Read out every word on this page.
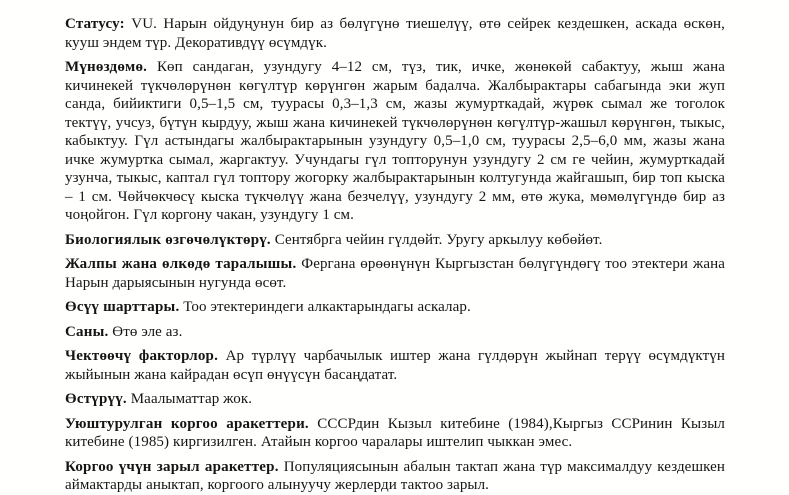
Статусу: VU. Нарын ойдуңунун бир аз бөлүгүнө тиешелүү, өтө сейрек кездешкен, аскада өскөн, кууш эндем түр. Декоративдүү өсүмдүк.

Мүнөздөмө. Көп сандаган, узундугу 4–12 см, түз, тик, ичке, жөнөкөй сабактуу, жыш жана кичинекей түкчөлөрүнөн көгүлтүр көрүнгөн жарым бадалча. Жалбырактары сабагында эки жуп санда, бийиктиги 0,5–1,5 см, туурасы 0,3–1,3 см, жазы жумурткадай, жүрөк сымал же тоголок тектүү, учсуз, бүтүн кырдуу, жыш жана кичинекей түкчөлөрүнөн көгүлтүр-жашыл көрүнгөн, тыкыс, кабыктуу. Гүл астындагы жалбырактарынын узундугу 0,5–1,0 см, туурасы 2,5–6,0 мм, жазы жана ичке жумуртка сымал, жаргактуу. Учундагы гүл топторунун узундугу 2 см ге чейин, жумурткадай узунча, тыкыс, каптал гүл топтору жогорку жалбырактарынын колтугунда жайгашып, бир топ кыска – 1 см. Чөйчөкчөсү кыска түкчөлүү жана безчелүү, узундугу 2 мм, өтө жука, мөмөлүгүндө бир аз чоңойгон. Гүл коргону чакан, узундугу 1 см.

Биологиялык өзгөчөлүктөрү. Сентябрга чейин гүлдөйт. Уругу аркылуу көбөйөт.

Жалпы жана өлкөдө таралышы. Фергана өрөөнүнүн Кыргызстан бөлүгүндөгү тоо этектери жана Нарын дарыясынын нугунда өсөт.

Өсүү шарттары. Тоо этектериндеги алкактарындагы аскалар.

Саны. Өтө эле аз.

Чектөөчү факторлор. Ар түрлүү чарбачылык иштер жана гүлдөрүн жыйнап терүү өсүмдүктүн жыйынын жана кайрадан өсүп өнүүсүн басаңдатат.

Өстүрүү. Маалыматтар жок.

Уюштурулган коргоо аракеттери. СССРдин Кызыл китебине (1984),Кыргыз ССРинин Кызыл китебине (1985) киргизилген. Атайын коргоо чаралары иштелип чыккан эмес.

Коргоо үчүн зарыл аракеттер. Популяциясынын абалын тактап жана түр максималдуу кездешкен аймактарды аныктап, коргоого алынуучу жерлерди тактоо зарыл.
